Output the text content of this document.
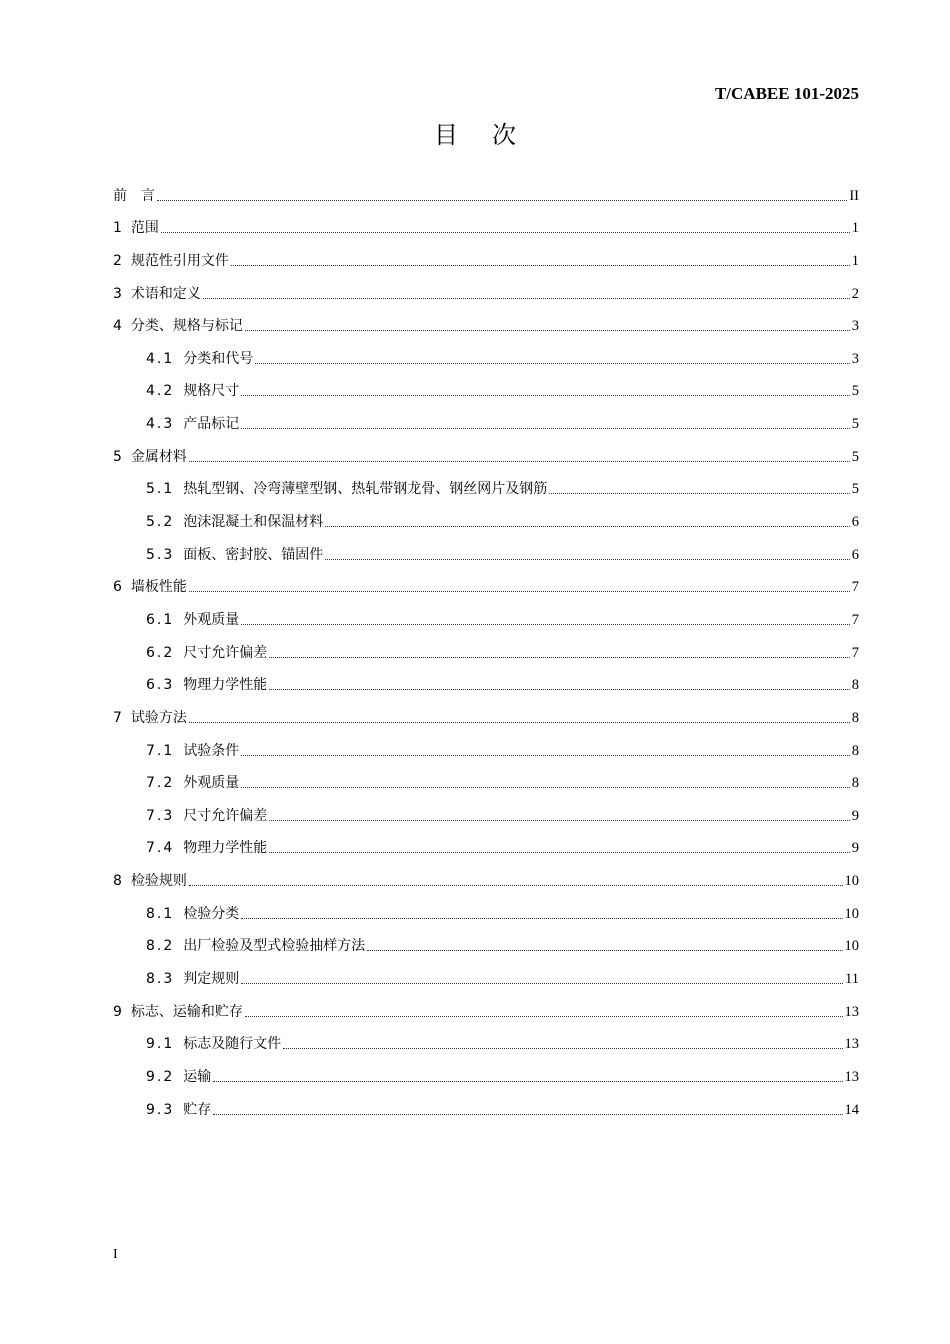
T/CABEE 101-2025
目次
前　言	II
1 范围	1
2 规范性引用文件	1
3 术语和定义	2
4 分类、规格与标记	3
4.1 分类和代号	3
4.2 规格尺寸	5
4.3 产品标记	5
5 金属材料	5
5.1 热轧型钢、冷弯薄壁型钢、热轧带钢龙骨、钢丝网片及钢筋	5
5.2 泡沫混凝土和保温材料	6
5.3 面板、密封胶、锚固件	6
6 墙板性能	7
6.1 外观质量	7
6.2 尺寸允许偏差	7
6.3 物理力学性能	8
7 试验方法	8
7.1 试验条件	8
7.2 外观质量	8
7.3 尺寸允许偏差	9
7.4 物理力学性能	9
8 检验规则	10
8.1 检验分类	10
8.2 出厂检验及型式检验抽样方法	10
8.3 判定规则	11
9 标志、运输和贮存	13
9.1 标志及随行文件	13
9.2 运输	13
9.3 贮存	14
I
